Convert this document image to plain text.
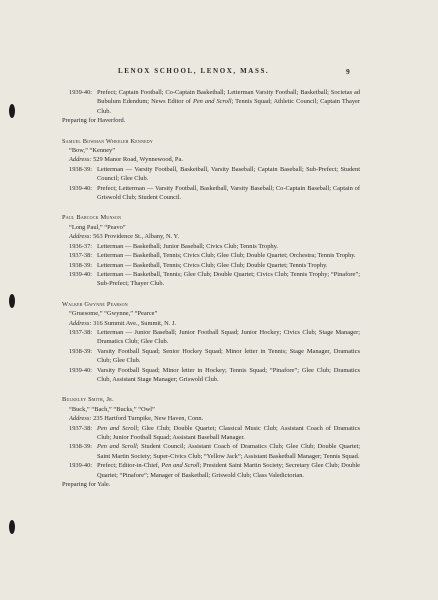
LENOX SCHOOL, LENOX, MASS.	9
1939-40: Prefect; Captain Football; Co-Captain Basketball; Letterman Varsity Football; Basketball; Societas ad Bubulum Edendum; News Editor of Pen and Scroll; Tennis Squad; Athletic Council; Captain Thayer Club.
Preparing for Haverford.
Samuel Bowman Wheeler Kennedy
“Bow,” “Kenney”
Address: 529 Manor Road, Wynnewood, Pa.
1938-39: Letterman — Varsity Football, Basketball, Varsity Baseball; Captain Baseball; Sub-Prefect; Student Council; Glee Club.
1939-40: Prefect; Letterman — Varsity Football, Basketball, Varsity Baseball; Co-Captain Baseball; Captain of Griswold Club; Student Council.
Paul Babcock Munson
“Long Paul,” “Peavo”
Address: 563 Providence St., Albany, N. Y.
1936-37: Letterman — Basketball; Junior Baseball; Civics Club; Tennis Trophy.
1937-38: Letterman — Basketball, Tennis; Civics Club; Glee Club; Double Quartet; Orchestra; Tennis Trophy.
1938-39: Letterman — Basketball, Tennis; Civics Club; Glee Club; Double Quartet; Tennis Trophy.
1939-40: Letterman — Basketball, Tennis; Glee Club; Double Quartet; Civics Club; Tennis Trophy; “Pinafore”; Sub-Prefect; Thayer Club.
Walker Gwynne Pearson
“Gruesome,” “Gwynne,” “Pearce”
Address: 316 Summit Ave., Summit, N. J.
1937-38: Letterman — Junior Baseball; Junior Football Squad; Junior Hockey; Civics Club; Stage Manager; Dramatics Club; Glee Club.
1938-39: Varsity Football Squad; Senior Hockey Squad; Minor letter in Tennis; Stage Manager, Dramatics Club; Glee Club.
1939-40: Varsity Football Squad; Minor letter in Hockey; Tennis Squad; “Pinafore”; Glee Club; Dramatics Club, Assistant Stage Manager; Griswold Club.
Bulkeley Smith, Jr.
“Buck,” “Bach,” “Bucks,” “Owl”
Address: 235 Hartford Turnpike, New Haven, Conn.
1937-38: Pen and Scroll; Glee Club; Double Quartet; Classical Music Club; Assistant Coach of Dramatics Club; Junior Football Squad; Assistant Baseball Manager.
1938-39: Pen and Scroll; Student Council; Assistant Coach of Dramatics Club; Glee Club; Double Quartet; Saint Martin Society; Super-Civics Club; “Yellow Jack”; Assistant Basketball Manager; Tennis Squad.
1939-40: Prefect; Editor-in-Chief, Pen and Scroll; President Saint Martin Society; Secretary Glee Club; Double Quartet; “Pinafore”; Manager of Basketball; Griswold Club; Class Valedictorian.
Preparing for Yale.
